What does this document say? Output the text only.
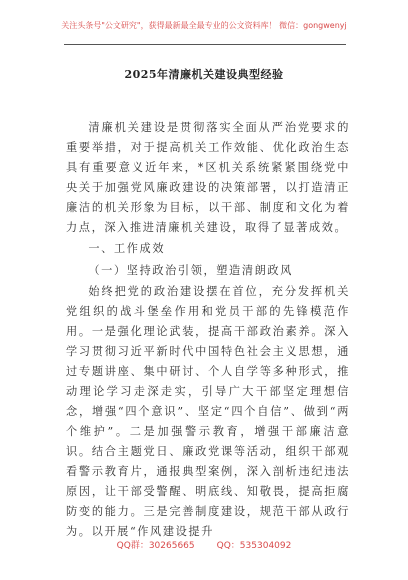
关注头条号"公文研究"，获得最新最全最专业的公文资料库！ 微信：gongwenyj
2025年清廉机关建设典型经验

清廉机关建设是贯彻落实全面从严治党要求的重要举措，对于提高机关工作效能、优化政治生态具有重要意义近年来，*区机关系统紧紧围绕党中央关于加强党风廉政建设的决策部署，以打造清正廉洁的机关形象为目标，以干部、制度和文化为着力点，深入推进清廉机关建设，取得了显著成效。

一、工作成效

（一）坚持政治引领，塑造清朗政风

始终把党的政治建设摆在首位，充分发挥机关党组织的战斗堡垒作用和党员干部的先锋模范作用。一是强化理论武装，提高干部政治素养。深入学习贯彻习近平新时代中国特色社会主义思想，通过专题讲座、集中研讨、个人自学等多种形式，推动理论学习走深走实，引导广大干部坚定理想信念，增强“四个意识”、坚定“四个自信”、做到“两个维护”。二是加强警示教育，增强干部廉洁意识。结合主题党日、廉政党课等活动，组织干部观看警示教育片，通报典型案例，深入剖析违纪违法原因，让干部受警醒、明底线、知敬畏，提高拒腐防变的能力。三是完善制度建设，规范干部从政行为。以开展“作风建设提升

QQ群：30265665 QQ：535304092
